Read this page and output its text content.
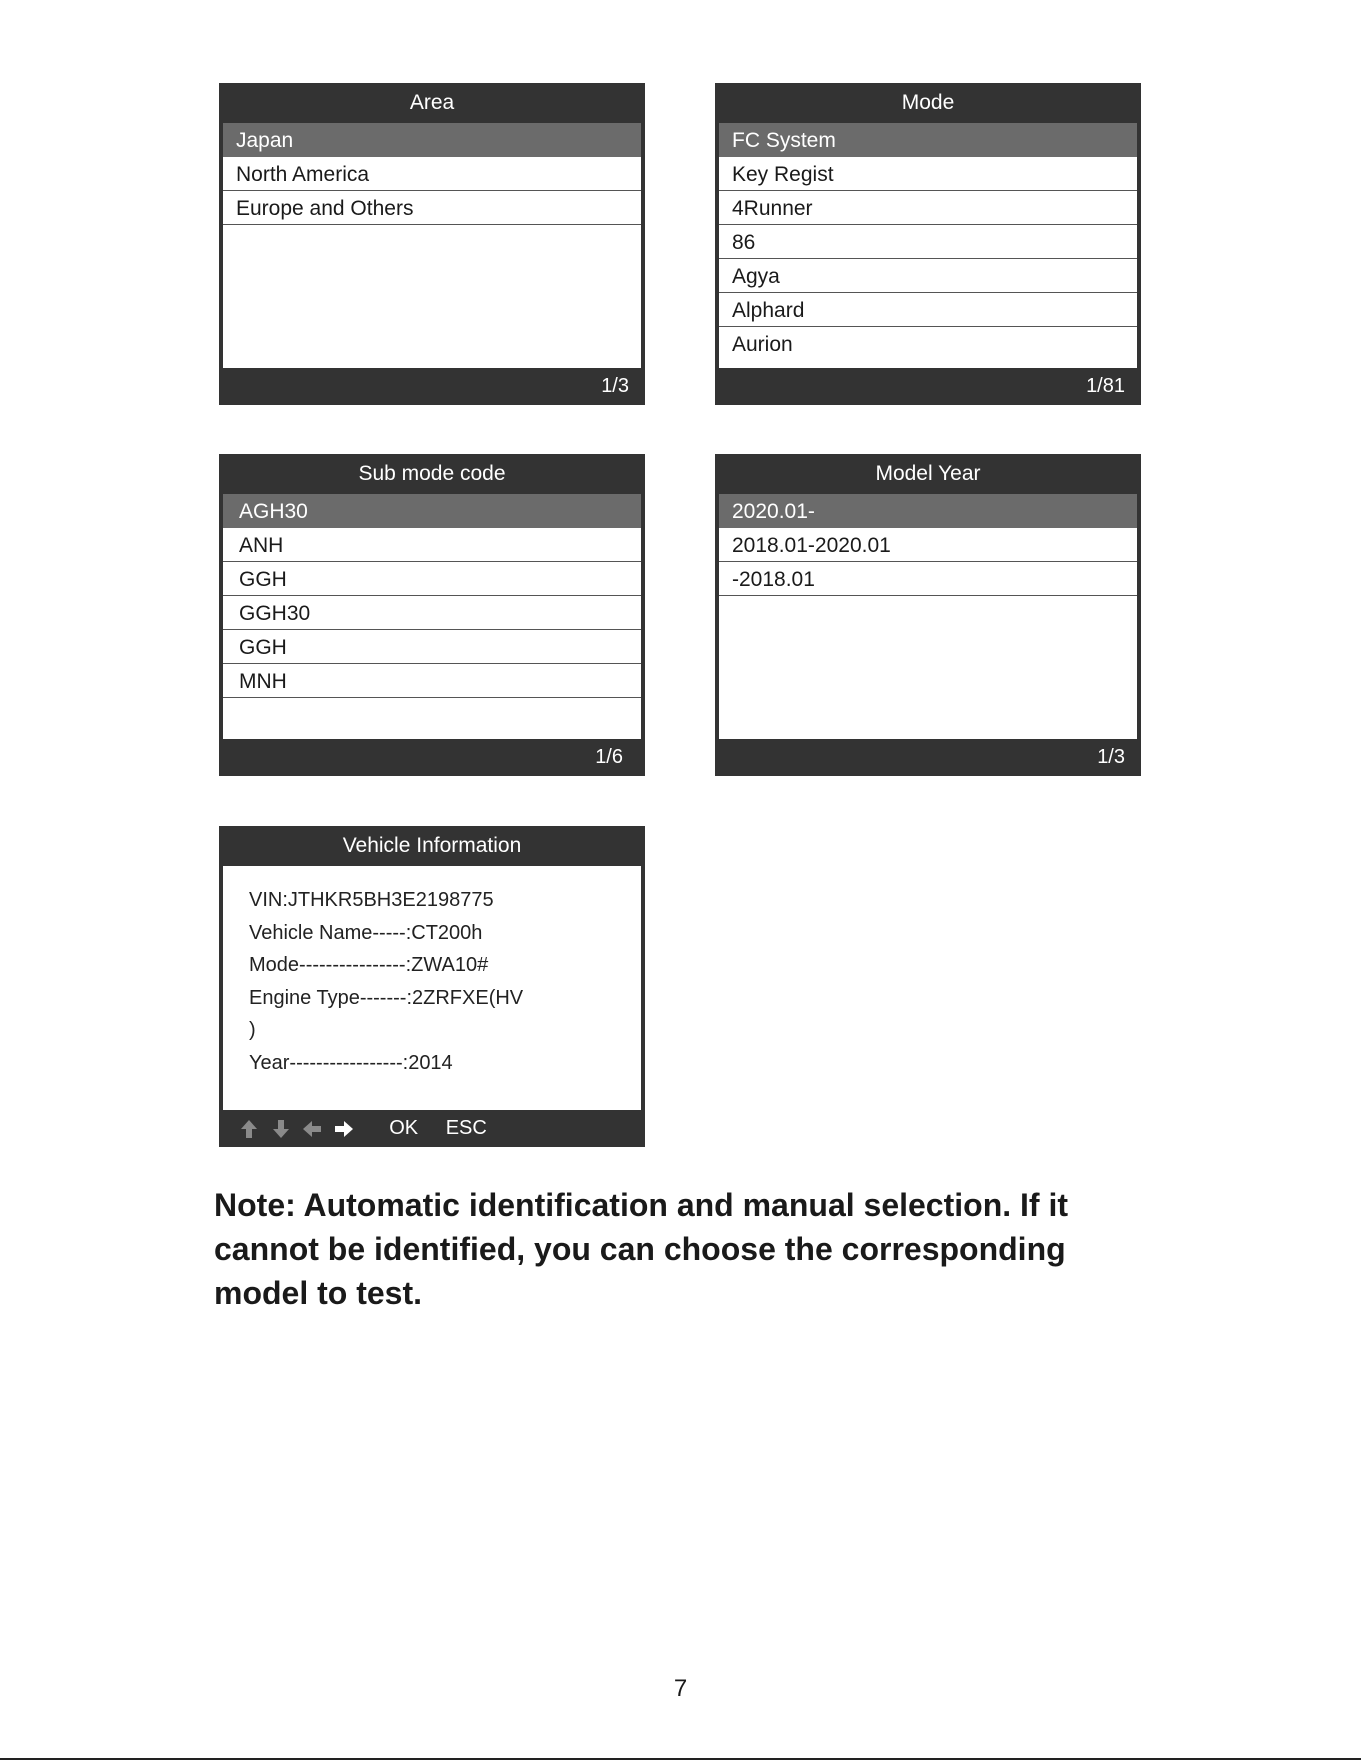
Area
Japan
North America
Europe and Others
1/3
Mode
FC System
Key Regist
4Runner
86
Agya
Alphard
Aurion
1/81
Sub mode code
AGH30
ANH
GGH
GGH30
GGH
MNH
1/6
Model Year
2020.01-
2018.01-2020.01
-2018.01
1/3
Vehicle Information
VIN:JTHKR5BH3E2198775
Vehicle Name-----:CT200h
Mode----------------:ZWA10#
Engine Type-------:2ZRFXE(HV
)
Year-----------------:2014
OK ESC
Note: Automatic identification and manual selection. If it cannot be identified, you can choose the corresponding model to test.
7
